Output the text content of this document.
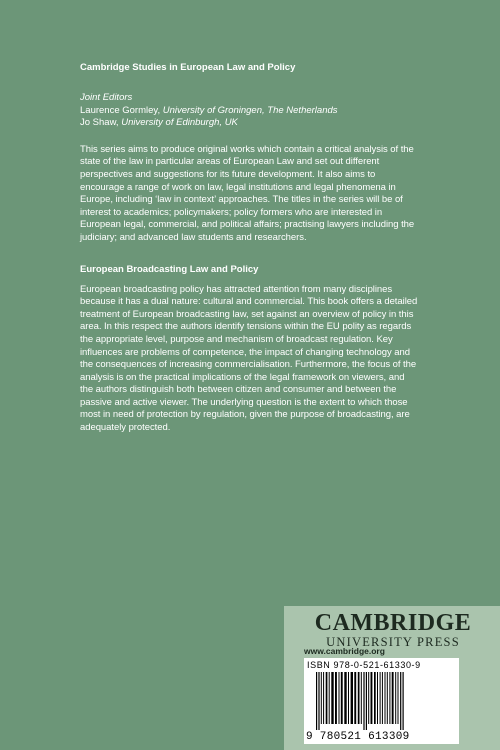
Cambridge Studies in European Law and Policy
Joint Editors
Laurence Gormley, University of Groningen, The Netherlands
Jo Shaw, University of Edinburgh, UK

This series aims to produce original works which contain a critical analysis of the state of the law in particular areas of European Law and set out different perspectives and suggestions for its future development. It also aims to encourage a range of work on law, legal institutions and legal phenomena in Europe, including ‘law in context’ approaches. The titles in the series will be of interest to academics; policymakers; policy formers who are interested in European legal, commercial, and political affairs; practising lawyers including the judiciary; and advanced law students and researchers.

European Broadcasting Law and Policy

European broadcasting policy has attracted attention from many disciplines because it has a dual nature: cultural and commercial. This book offers a detailed treatment of European broadcasting law, set against an overview of policy in this area. In this respect the authors identify tensions within the EU polity as regards the appropriate level, purpose and mechanism of broadcast regulation. Key influences are problems of competence, the impact of changing technology and the consequences of increasing commercialisation. Furthermore, the focus of the analysis is on the practical implications of the legal framework on viewers, and the authors distinguish both between citizen and consumer and between the passive and active viewer. The underlying question is the extent to which those most in need of protection by regulation, given the purpose of broadcasting, are adequately protected.

CAMBRIDGE
UNIVERSITY PRESS
www.cambridge.org
ISBN 978-0-521-61330-9
9 780521 613309
